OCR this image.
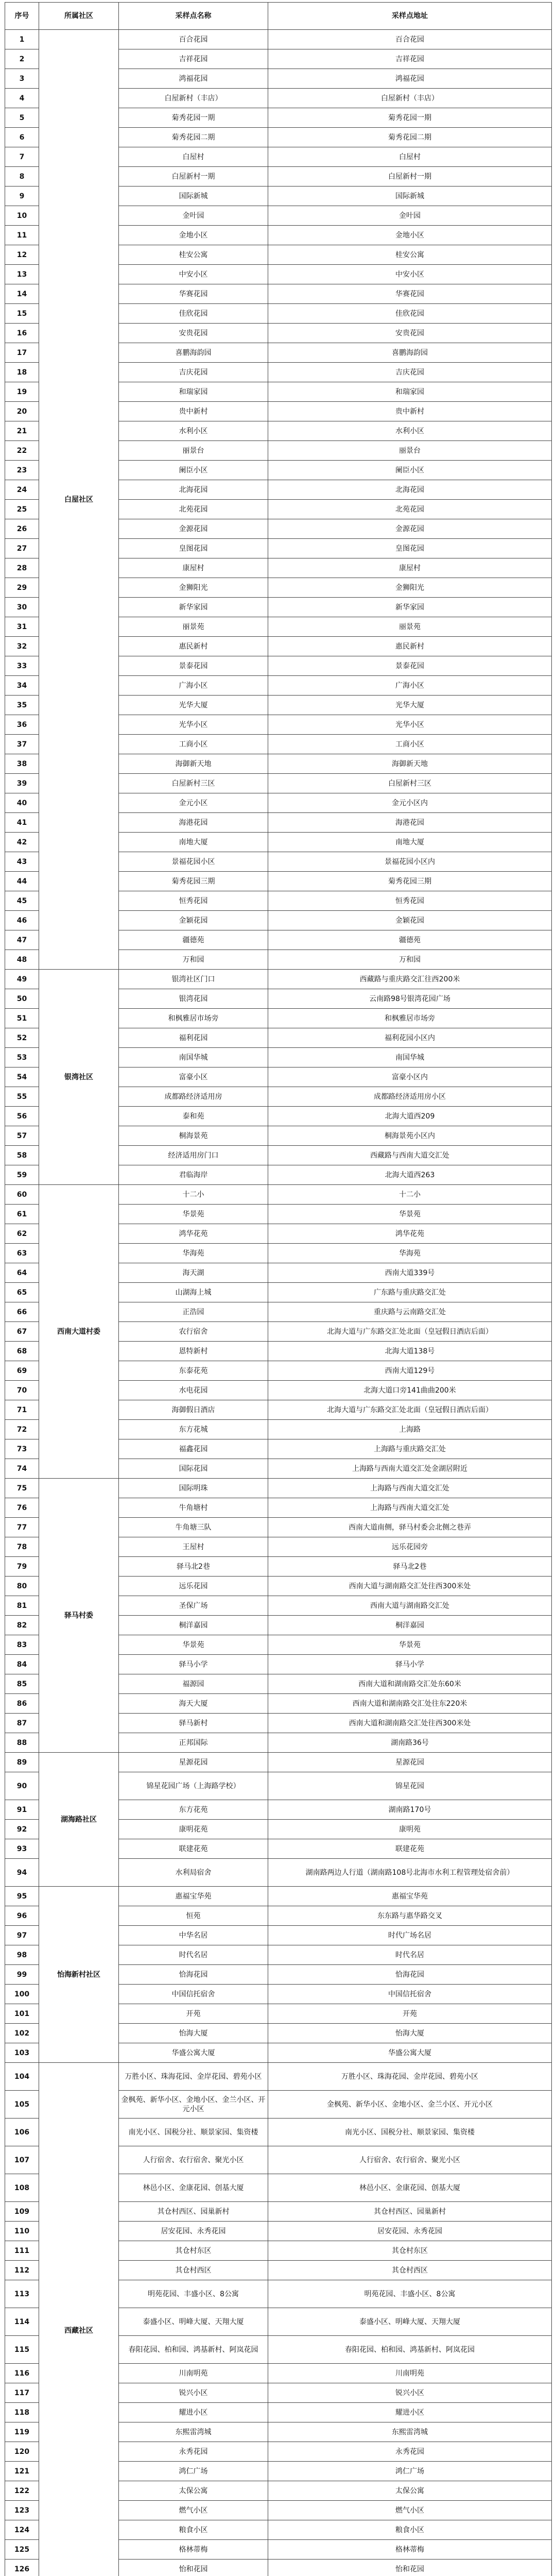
序号	所属社区	采样点名称	采样点地址
1	白屋社区	百合花园	百合花园
2		吉祥花园	吉祥花园
3		鸿福花园	鸿福花园
4		白屋新村（丰店）	白屋新村（丰店）
5		菊秀花园一期	菊秀花园一期
6		菊秀花园二期	菊秀花园二期
7		白屋村	白屋村
8		白屋新村一期	白屋新村一期
9		国际新城	国际新城
10		金叶园	金叶园
11		金地小区	金地小区
12		桂安公寓	桂安公寓
13		中安小区	中安小区
14		华赛花园	华赛花园
15		佳欣花园	佳欣花园
16		安贵花园	安贵花园
17		喜鹏海韵园	喜鹏海韵园
18		吉庆花园	吉庆花园
19		和瑞家园	和瑞家园
20		贵中新村	贵中新村
21		水利小区	水利小区
22		丽景台	丽景台
23		阑臣小区	阑臣小区
24		北海花园	北海花园
25		北苑花园	北苑花园
26		金源花园	金源花园
27		皇图花园	皇图花园
28		康屋村	康屋村
29		金狮阳光	金狮阳光
30		新华家园	新华家园
31		丽景苑	丽景苑
32		惠民新村	惠民新村
33		景泰花园	景泰花园
34		广海小区	广海小区
35		光华大厦	光华大厦
36		光华小区	光华小区
37		工商小区	工商小区
38		海御新天地	海御新天地
39		白屋新村三区	白屋新村三区
40		金元小区	金元小区内
41		海港花园	海港花园
42		南地大厦	南地大厦
43		景福花园小区	景福花园小区内
44		菊秀花园三期	菊秀花园三期
45		恒秀花园	恒秀花园
46		金颖花园	金颖花园
47		疆德苑	疆德苑
48		万和园	万和园
49	银湾社区	银湾社区门口	西藏路与重庆路交汇往西200米
50		银湾花园	云南路98号银湾花园广场
51		和枫雅居市场旁	和枫雅居市场旁
52		福利花园	福利花园小区内
53		南国华城	南国华城
54		富豪小区	富豪小区内
55		成都路经济适用房	成都路经济适用房小区
56		泰和苑	北海大道西209
57		桐海景苑	桐海景苑小区内
58		经济适用房门口	西藏路与西南大道交汇处
59		君临海岸	北海大道西263
60	西南大道村委	十二小	十二小
61		华景苑	华景苑
62		鸿华花苑	鸿华花苑
63		华海苑	华海苑
64		海天湖	西南大道339号
65		山湖海上城	广东路与重庆路交汇处
66		正浩园	重庆路与云南路交汇处
67		农行宿舍	北海大道与广东路交汇处北面（皇冠假日酒店后面）
68		恩特新村	北海大道138号
69		东泰花苑	西南大道129号
70		水电花园	北海大道口旁141曲曲200米
71		海御假日酒店	北海大道与广东路交汇处北面（皇冠假日酒店后面）
72		东方花城	上海路
73		福鑫花园	上海路与重庆路交汇处
74		国际花园	上海路与西南大道交汇处金湖居附近
75	驿马村委	国际明珠	上海路与西南大道交汇处
76		牛角塘村	上海路与西南大道交汇处
77		牛角塘三队	西南大道南侧，驿马村委会北侧之巷弄
78		王屋村	远乐花园旁
79		驿马北2巷	驿马北2巷
80		远乐花园	西南大道与湖南路交汇处往西300米处
81		圣保广场	西南大道与湖南路交汇处
82		桐洋嘉园	桐洋嘉园
83		华景苑	华景苑
84		驿马小学	驿马小学
85		福源园	西南大道和湖南路交汇处东60米
86		海天大厦	西南大道和湖南路交汇处往东220米
87		驿马新村	西南大道和湖南路交汇处往西300米处
88		正邦国际	湖南路36号
89	湖海路社区	星源花园	星源花园
90		锦星花园广场（上海路学校）	锦星花园
91		东方花苑	湖南路170号
92		康明花苑	康明苑
93		联建花苑	联建花苑
94		水利局宿舍	湖南路两边人行道（湖南路108号北海市水利工程管理处宿舍前）
95	怡海新村社区	惠福宝华苑	惠福宝华苑
96		恒苑	东东路与惠华路交叉
97		中华名居	时代广场名居
98		时代名居	时代名居
99		恰海花园	恰海花园
100		中国信托宿舍	中国信托宿舍
101		开苑	开苑
102		怡海大厦	怡海大厦
103		华盛公寓大厦	华盛公寓大厦
104	西藏社区	万胜小区、珠海花园、金岸花园、碧苑小区	万胜小区、珠海花园、金岸花园、碧苑小区
105		金枫苑、新华小区、金地小区、金兰小区、开元小区	金枫苑、新华小区、金地小区、金兰小区、开元小区
106		南光小区、国税分社、顺景家园、集资楼	南光小区、国税分社、顺景家园、集资楼
107		人行宿舍、农行宿舍、聚光小区	人行宿舍、农行宿舍、聚光小区
108		林邑小区、金康花园、创基大厦	林邑小区、金康花园、创基大厦
109		其仓村西区、园巢新村	其仓村西区、园巢新村
110		居安花园、永秀花园	居安花园、永秀花园
111		其仓村东区	其仓村东区
112		其仓村西区	其仓村西区
113		明苑花园、丰盛小区、8公寓	明苑花园、丰盛小区、8公寓
114		泰盛小区、明峰大厦、天翔大厦	泰盛小区、明峰大厦、天翔大厦
115		春阳花园、柏和园、鸿基新村、阿岚花园	春阳花园、柏和园、鸿基新村、阿岚花园
116		川南明苑	川南明苑
117		锐兴小区	锐兴小区
118		耀进小区	耀进小区
119		东熙雷湾城	东熙雷湾城
120		永秀花园	永秀花园
121		鸿仁广场	鸿仁广场
122		太保公寓	太保公寓
123		燃气小区	燃气小区
124		粮食小区	粮食小区
125		格林蒂梅	格林蒂梅
126		怡和花园	怡和花园
